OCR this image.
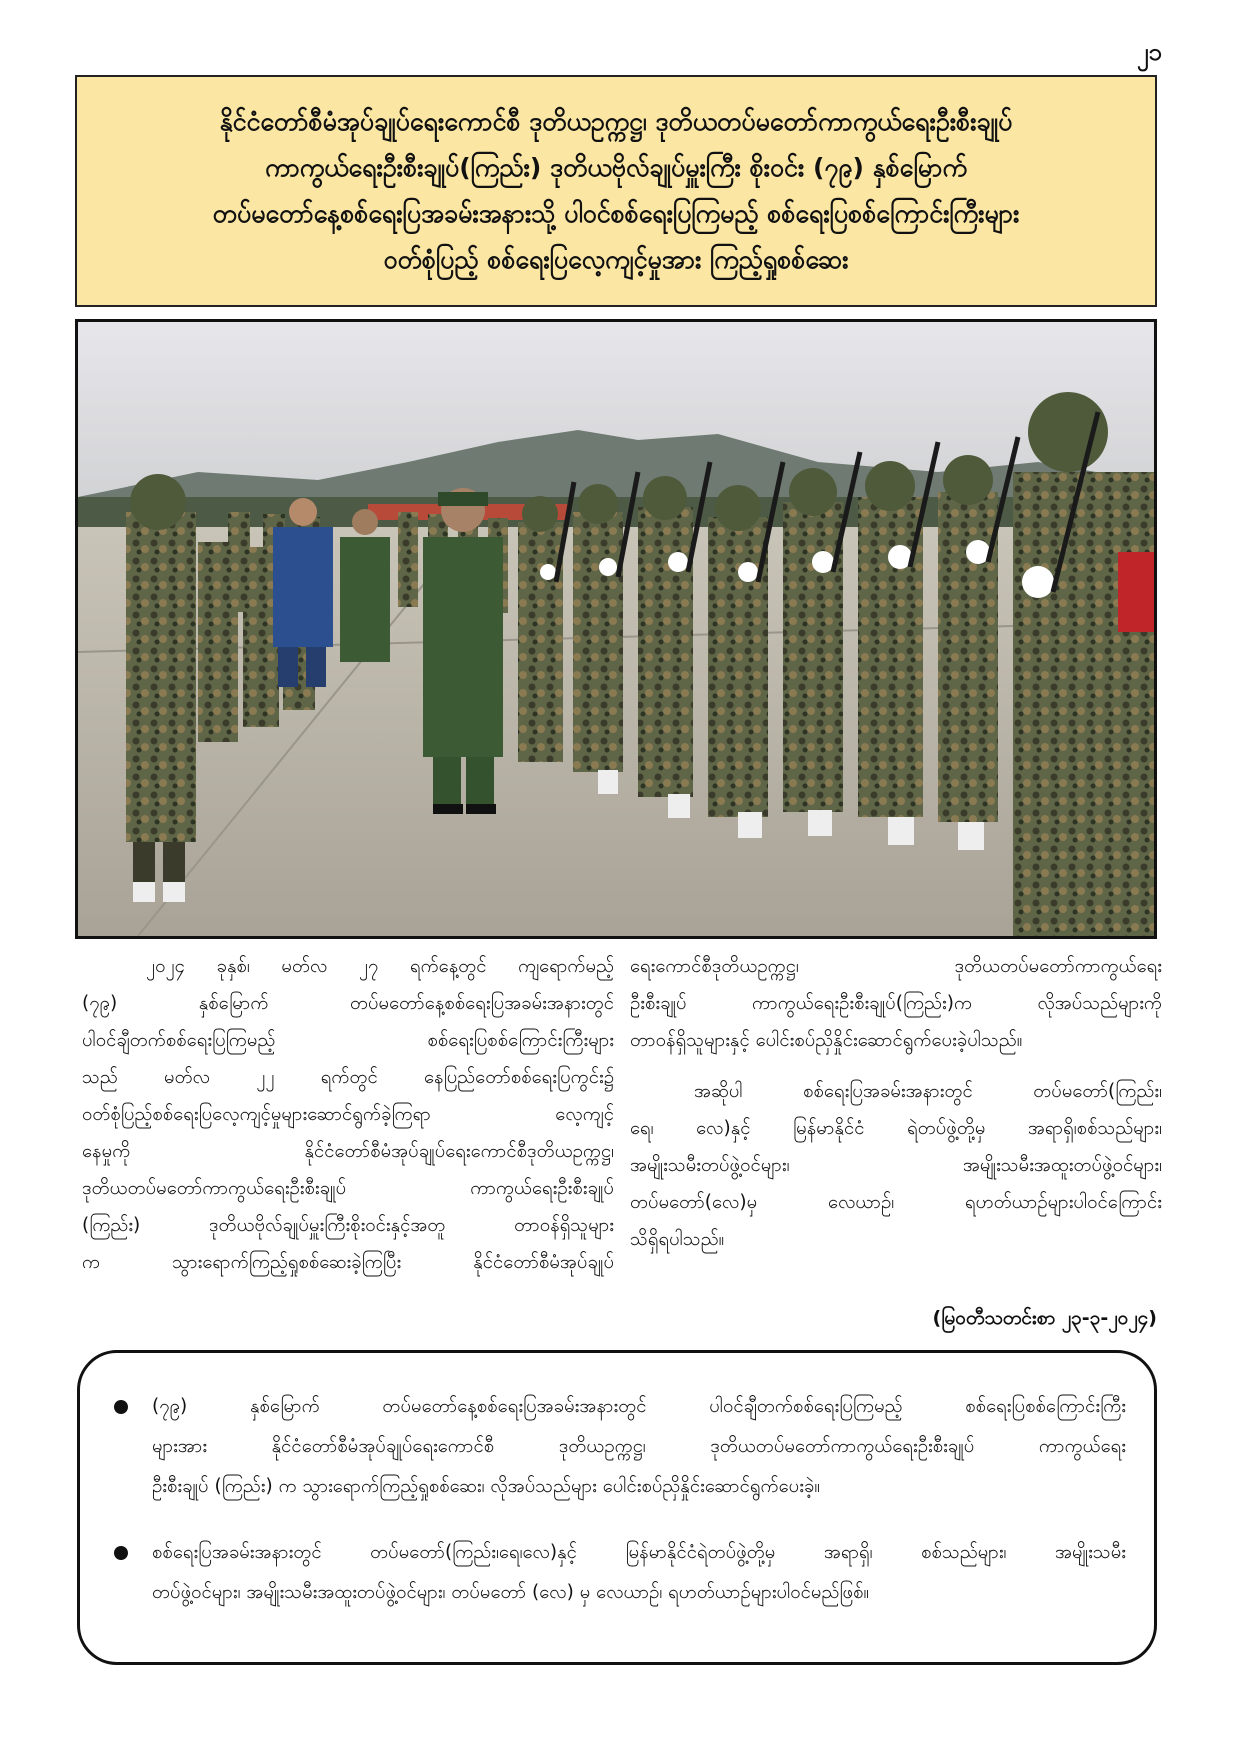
၂၁
နိုင်ငံတော်စီမံအုပ်ချုပ်ရေးကောင်စီ ဒုတိယဥက္ကဋ္ဌ၊ ဒုတိယတပ်မတော်ကာကွယ်ရေးဦးစီးချုပ်
ကာကွယ်ရေးဦးစီးချုပ်(ကြည်း) ဒုတိယဗိုလ်ချုပ်မှူးကြီး စိုးဝင်း (၇၉) နှစ်မြောက်
တပ်မတော်နေ့စစ်ရေးပြအခမ်းအနားသို့ ပါဝင်စစ်ရေးပြကြမည့် စစ်ရေးပြစစ်ကြောင်းကြီးများ
ဝတ်စုံပြည့် စစ်ရေးပြလေ့ကျင့်မှုအား ကြည့်ရှုစစ်ဆေး
၂၀၂၄ ခုနှစ်၊ မတ်လ ၂၇ ရက်နေ့တွင် ကျရောက်မည့်
(၇၉) နှစ်မြောက် တပ်မတော်နေ့စစ်ရေးပြအခမ်းအနားတွင်
ပါဝင်ချီတက်စစ်ရေးပြကြမည့် စစ်ရေးပြစစ်ကြောင်းကြီးများ
သည် မတ်လ ၂၂ ရက်တွင် နေပြည်တော်စစ်ရေးပြကွင်း၌
ဝတ်စုံပြည့်စစ်ရေးပြလေ့ကျင့်မှုများဆောင်ရွက်ခဲ့ကြရာ လေ့ကျင့်
နေမှုကို နိုင်ငံတော်စီမံအုပ်ချုပ်ရေးကောင်စီဒုတိယဥက္ကဋ္ဌ၊
ဒုတိယတပ်မတော်ကာကွယ်ရေးဦးစီးချုပ် ကာကွယ်ရေးဦးစီးချုပ်
(ကြည်း) ဒုတိယဗိုလ်ချုပ်မှူးကြီးစိုးဝင်းနှင့်အတူ တာဝန်ရှိသူများ
က သွားရောက်ကြည့်ရှုစစ်ဆေးခဲ့ကြပြီး နိုင်ငံတော်စီမံအုပ်ချုပ်
ရေးကောင်စီဒုတိယဥက္ကဋ္ဌ၊ ဒုတိယတပ်မတော်ကာကွယ်ရေး
ဦးစီးချုပ် ကာကွယ်ရေးဦးစီးချုပ်(ကြည်း)က လိုအပ်သည်များကို
တာဝန်ရှိသူများနှင့် ပေါင်းစပ်ညှိနှိုင်းဆောင်ရွက်ပေးခဲ့ပါသည်။
အဆိုပါ စစ်ရေးပြအခမ်းအနားတွင် တပ်မတော်(ကြည်း၊
ရေ၊ လေ)နှင့် မြန်မာနိုင်ငံ ရဲတပ်ဖွဲ့တို့မှ အရာရှိ၊စစ်သည်များ၊
အမျိုးသမီးတပ်ဖွဲ့ဝင်များ၊ အမျိုးသမီးအထူးတပ်ဖွဲ့ဝင်များ၊
တပ်မတော်(လေ)မှ လေယာဉ်၊ ရဟတ်ယာဉ်များပါဝင်ကြောင်း
သိရှိရပါသည်။
(မြဝတီသတင်းစာ ၂၃-၃-၂၀၂၄)
(၇၉) နှစ်မြောက် တပ်မတော်နေ့စစ်ရေးပြအခမ်းအနားတွင် ပါဝင်ချီတက်စစ်ရေးပြကြမည့် စစ်ရေးပြစစ်ကြောင်းကြီး
များအား နိုင်ငံတော်စီမံအုပ်ချုပ်ရေးကောင်စီ ဒုတိယဥက္ကဋ္ဌ၊ ဒုတိယတပ်မတော်ကာကွယ်ရေးဦးစီးချုပ် ကာကွယ်ရေး
ဦးစီးချုပ် (ကြည်း) က သွားရောက်ကြည့်ရှုစစ်ဆေး၊ လိုအပ်သည်များ ပေါင်းစပ်ညှိနှိုင်းဆောင်ရွက်ပေးခဲ့။
စစ်ရေးပြအခမ်းအနားတွင် တပ်မတော်(ကြည်း၊ရေ၊လေ)နှင့် မြန်မာနိုင်ငံရဲတပ်ဖွဲ့တို့မှ အရာရှိ၊ စစ်သည်များ၊ အမျိုးသမီး
တပ်ဖွဲ့ဝင်များ၊ အမျိုးသမီးအထူးတပ်ဖွဲ့ဝင်များ၊ တပ်မတော် (လေ) မှ လေယာဉ်၊ ရဟတ်ယာဉ်များပါဝင်မည်ဖြစ်။
